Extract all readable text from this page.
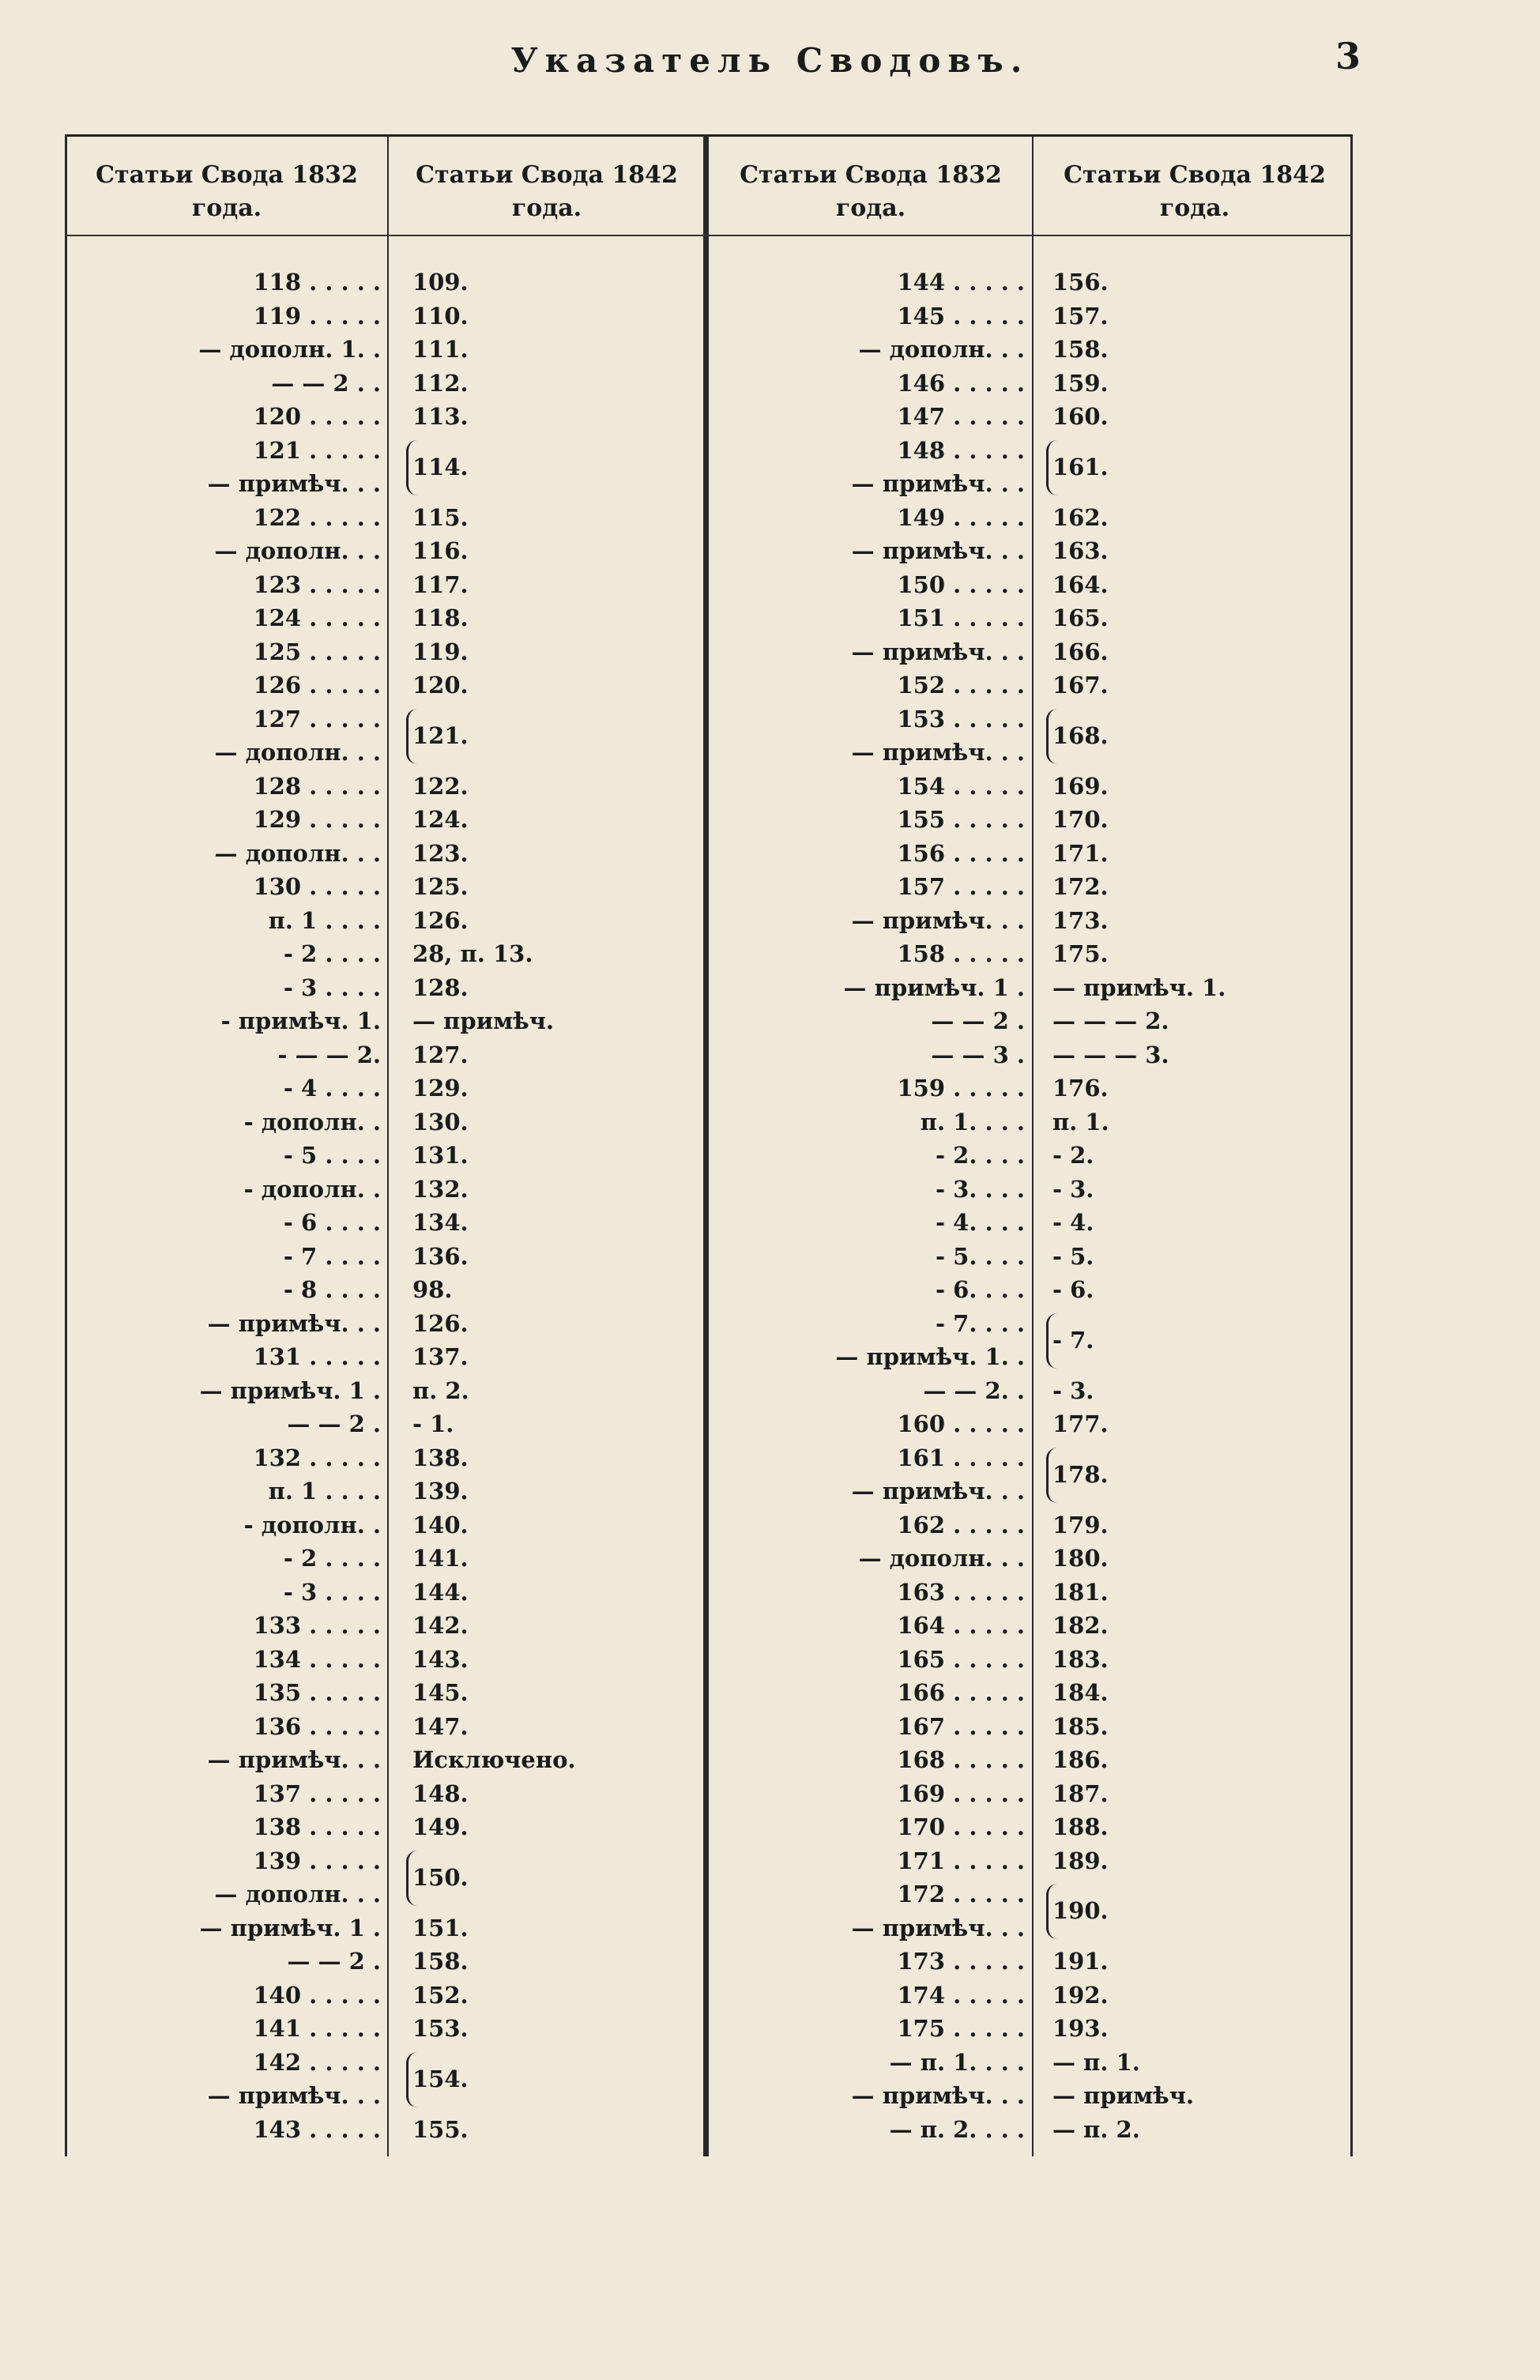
Указатель Сводовъ.	3
Статьи Свода 1832 года.
Статьи Свода 1842 года.
Статьи Свода 1832 года.
Статьи Свода 1842 года.
118 . . . . .
119 . . . . .
— дополн. 1. .
— — 2 . .
120 . . . . .
121 . . . . .
— примѣч. . .
122 . . . . .
— дополн. . .
123 . . . . .
124 . . . . .
125 . . . . .
126 . . . . .
127 . . . . .
— дополн. . .
128 . . . . .
129 . . . . .
— дополн. . .
130 . . . . .
п. 1 . . . .
- 2 . . . .
- 3 . . . .
- примѣч. 1.
- — — 2.
- 4 . . . .
- дополн. .
- 5 . . . .
- дополн. .
- 6 . . . .
- 7 . . . .
- 8 . . . .
— примѣч. . .
131 . . . . .
— примѣч. 1 .
— — 2 .
132 . . . . .
п. 1 . . . .
- дополн. .
- 2 . . . .
- 3 . . . .
133 . . . . .
134 . . . . .
135 . . . . .
136 . . . . .
— примѣч. . .
137 . . . . .
138 . . . . .
139 . . . . .
— дополн. . .
— примѣч. 1 .
— — 2 .
140 . . . . .
141 . . . . .
142 . . . . .
— примѣч. . .
143 . . . . .
109.
110.
111.
112.
113.
114.
115.
116.
117.
118.
119.
120.
121.
122.
124.
123.
125.
126.
28, п. 13.
128.
— примѣч.
127.
129.
130.
131.
132.
134.
136.
98.
126.
137.
п. 2.
- 1.
138.
139.
140.
141.
144.
142.
143.
145.
147.
Исключено.
148.
149.
150.
151.
158.
152.
153.
154.
155.
144 . . . . .
145 . . . . .
— дополн. . .
146 . . . . .
147 . . . . .
148 . . . . .
— примѣч. . .
149 . . . . .
— примѣч. . .
150 . . . . .
151 . . . . .
— примѣч. . .
152 . . . . .
153 . . . . .
— примѣч. . .
154 . . . . .
155 . . . . .
156 . . . . .
157 . . . . .
— примѣч. . .
158 . . . . .
— примѣч. 1 .
— — 2 .
— — 3 .
159 . . . . .
п. 1. . . .
- 2. . . .
- 3. . . .
- 4. . . .
- 5. . . .
- 6. . . .
- 7. . . .
— примѣч. 1. .
— — 2. .
160 . . . . .
161 . . . . .
— примѣч. . .
162 . . . . .
— дополн. . .
163 . . . . .
164 . . . . .
165 . . . . .
166 . . . . .
167 . . . . .
168 . . . . .
169 . . . . .
170 . . . . .
171 . . . . .
172 . . . . .
— примѣч. . .
173 . . . . .
174 . . . . .
175 . . . . .
— п. 1. . . .
— примѣч. . .
— п. 2. . . .
156.
157.
158.
159.
160.
161.
162.
163.
164.
165.
166.
167.
168.
169.
170.
171.
172.
173.
175.
— примѣч. 1.
— — — 2.
— — — 3.
176.
п. 1.
- 2.
- 3.
- 4.
- 5.
- 6.
- 7.
- 3.
177.
178.
179.
180.
181.
182.
183.
184.
185.
186.
187.
188.
189.
190.
191.
192.
193.
— п. 1.
— примѣч.
— п. 2.
